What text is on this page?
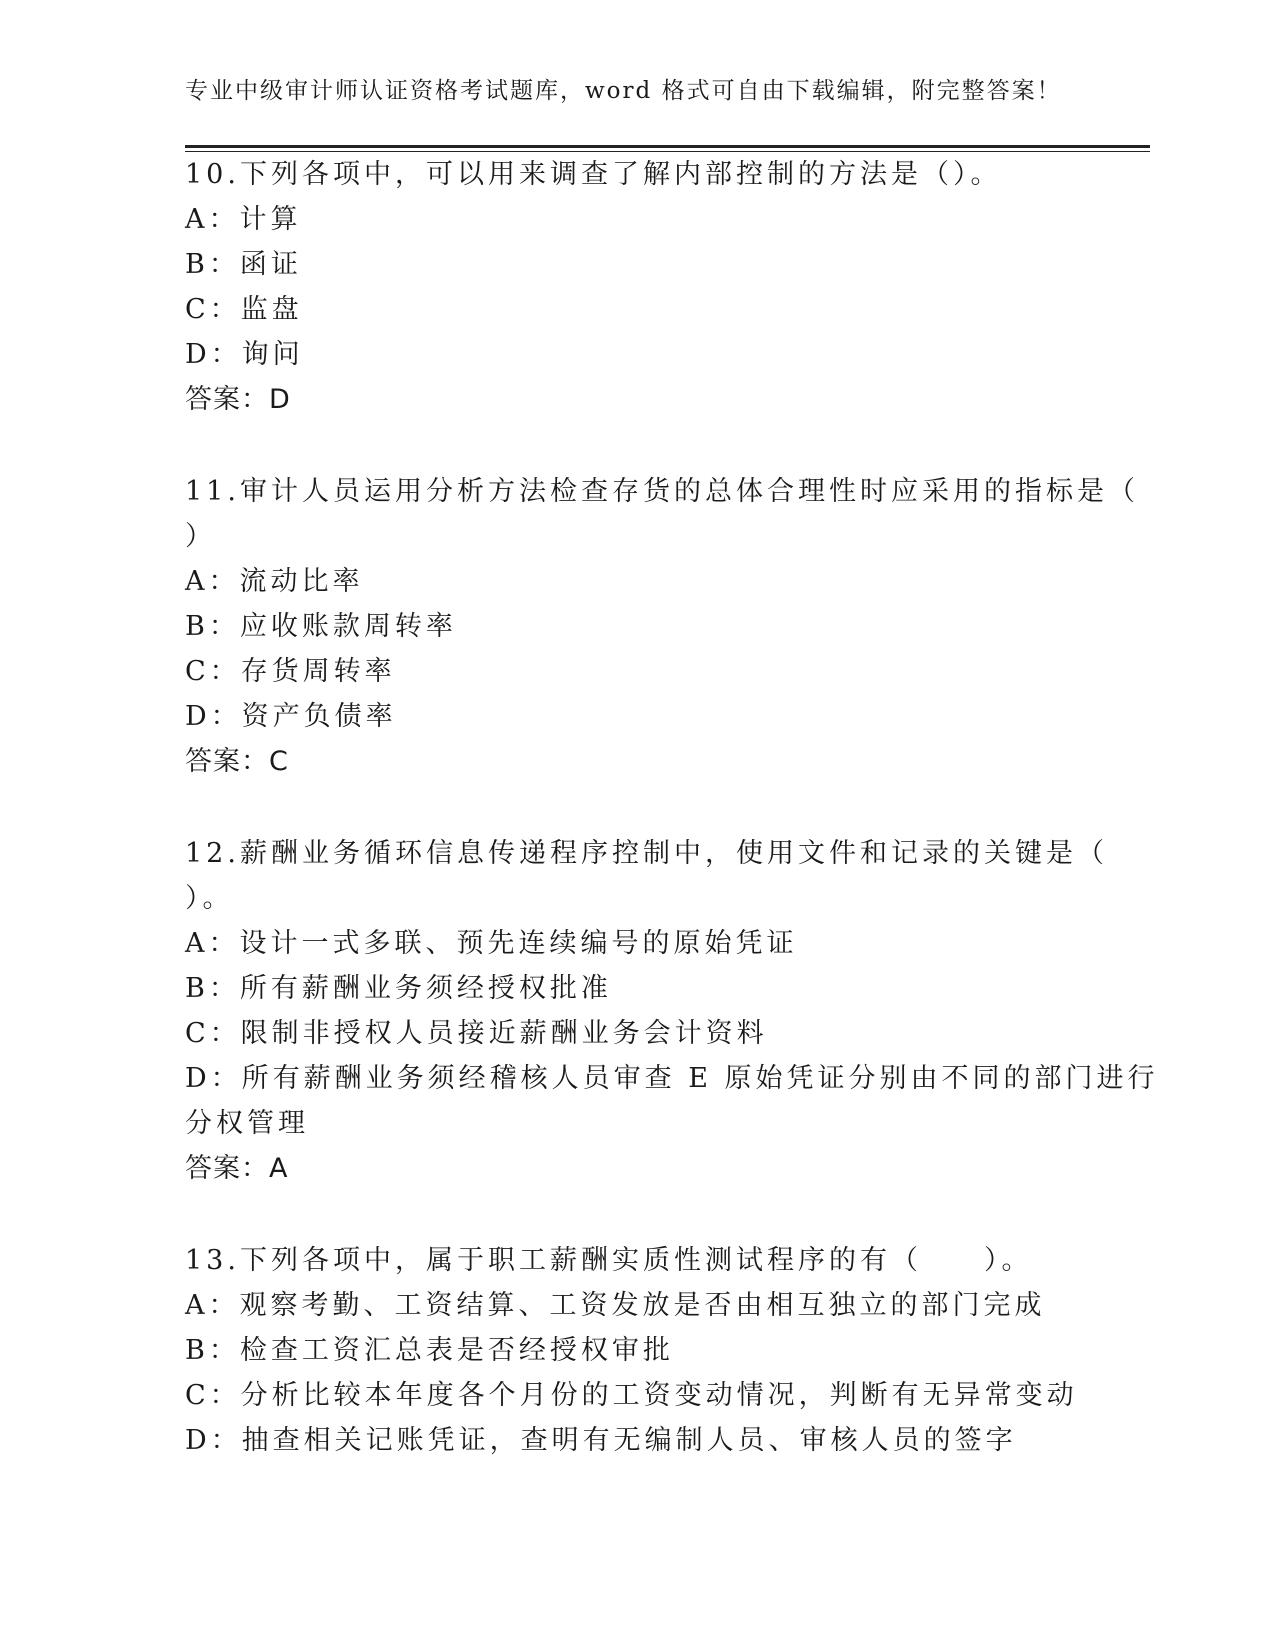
专业中级审计师认证资格考试题库，word 格式可自由下载编辑，附完整答案！
10.下列各项中，可以用来调查了解内部控制的方法是（）。
A：计算
B：函证
C：监盘
D：询问
答案：D
11.审计人员运用分析方法检查存货的总体合理性时应采用的指标是（
）
A：流动比率
B：应收账款周转率
C：存货周转率
D：资产负债率
答案：C
12.薪酬业务循环信息传递程序控制中，使用文件和记录的关键是（
）。
A：设计一式多联、预先连续编号的原始凭证
B：所有薪酬业务须经授权批准
C：限制非授权人员接近薪酬业务会计资料
D：所有薪酬业务须经稽核人员审查 E 原始凭证分别由不同的部门进行
分权管理
答案：A
13.下列各项中，属于职工薪酬实质性测试程序的有（　　）。
A：观察考勤、工资结算、工资发放是否由相互独立的部门完成
B：检查工资汇总表是否经授权审批
C：分析比较本年度各个月份的工资变动情况，判断有无异常变动
D：抽查相关记账凭证，查明有无编制人员、审核人员的签字
